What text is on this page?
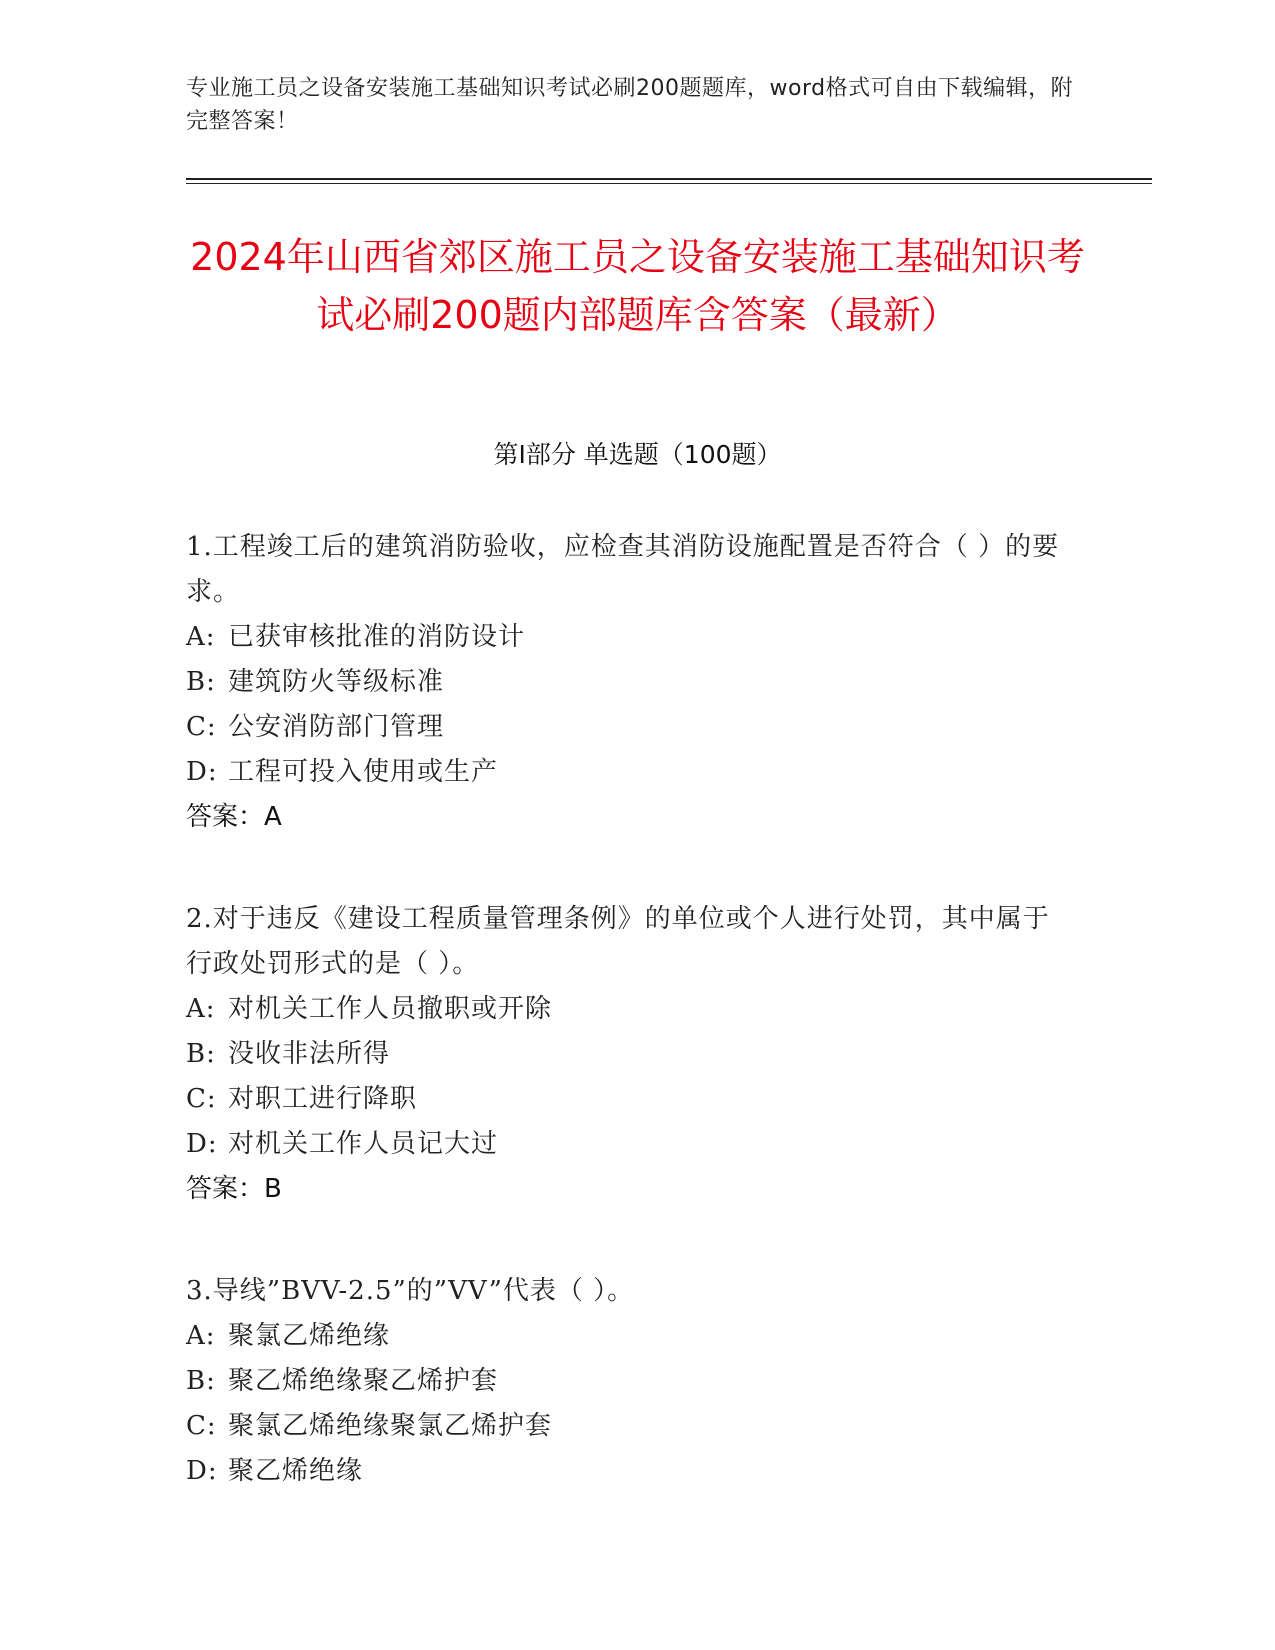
专业施工员之设备安装施工基础知识考试必刷200题题库，word格式可自由下载编辑，附完整答案！
2024年山西省郊区施工员之设备安装施工基础知识考试必刷200题内部题库含答案（最新）
第I部分 单选题（100题）
1.工程竣工后的建筑消防验收，应检查其消防设施配置是否符合（ ）的要求。
A: 已获审核批准的消防设计
B: 建筑防火等级标准
C: 公安消防部门管理
D: 工程可投入使用或生产
答案：A
2.对于违反《建设工程质量管理条例》的单位或个人进行处罚，其中属于行政处罚形式的是（ ）。
A: 对机关工作人员撤职或开除
B: 没收非法所得
C: 对职工进行降职
D: 对机关工作人员记大过
答案：B
3.导线”BVV-2.5”的”VV”代表（ ）。
A: 聚氯乙烯绝缘
B: 聚乙烯绝缘聚乙烯护套
C: 聚氯乙烯绝缘聚氯乙烯护套
D: 聚乙烯绝缘
